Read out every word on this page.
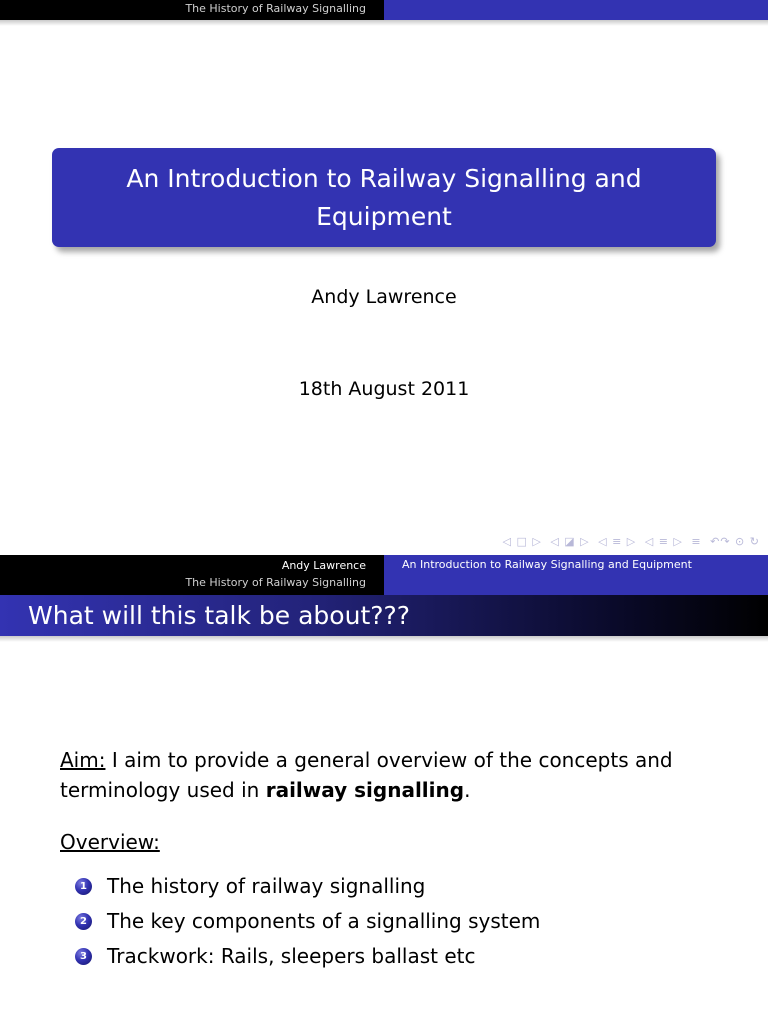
The History of Railway Signalling
An Introduction to Railway Signalling and Equipment
Andy Lawrence
18th August 2011
◁ □ ▷ ◁ ◪ ▷ ◁ ≡ ▷ ◁ ≡ ▷ ≡ ↶↷ ⊙ ↻
Andy Lawrence
The History of Railway Signalling
An Introduction to Railway Signalling and Equipment
What will this talk be about???

Aim: I aim to provide a general overview of the concepts and terminology used in railway signalling.

Overview:

1 The history of railway signalling
2 The key components of a signalling system
3 Trackwork: Rails, sleepers ballast etc
